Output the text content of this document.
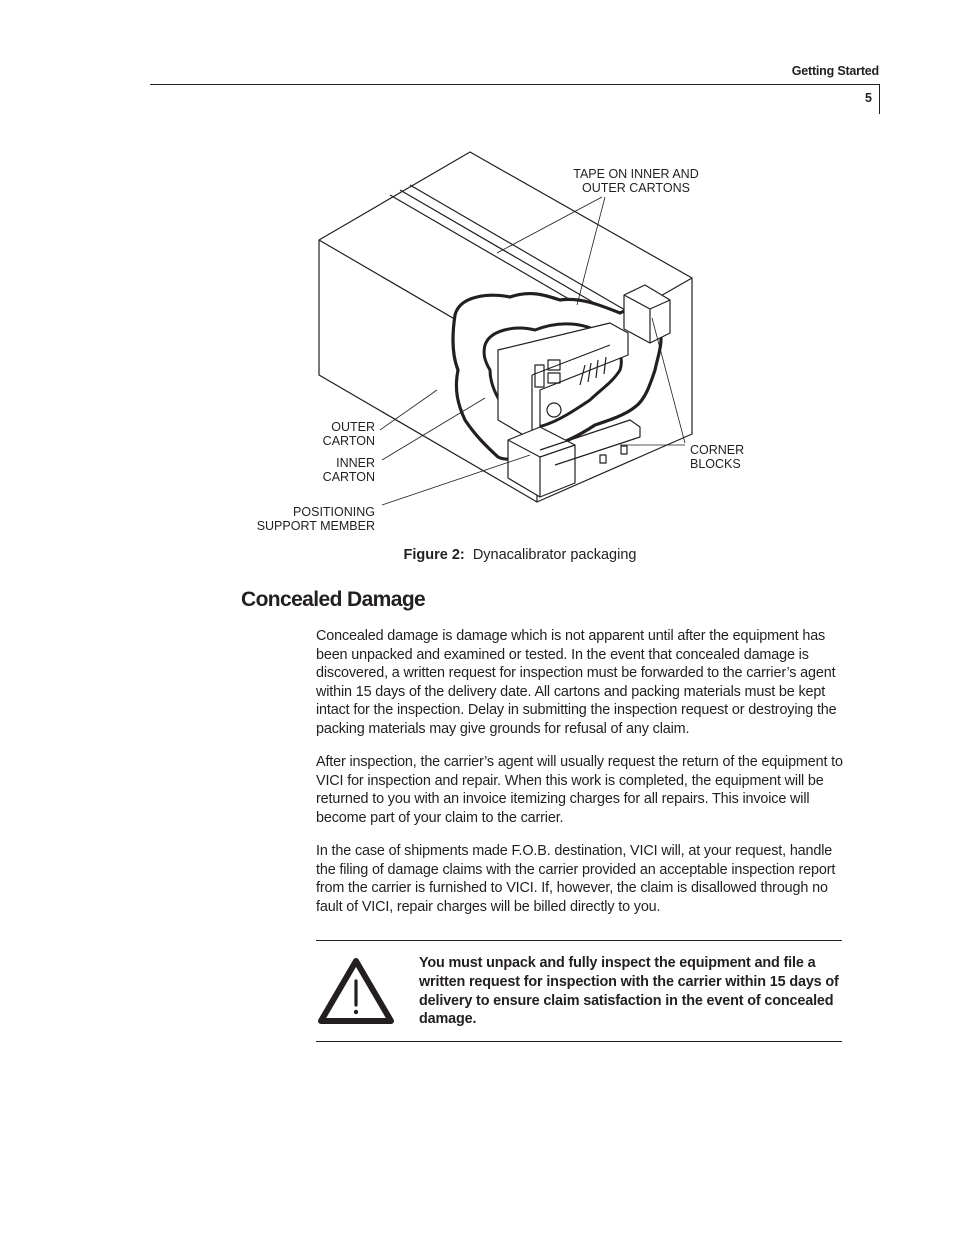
Getting Started
5
TAPE ON INNER AND
OUTER CARTONS
OUTER
CARTON
INNER
CARTON
POSITIONING
SUPPORT MEMBER
CORNER
BLOCKS
Figure 2: Dynacalibrator packaging
Concealed Damage

Concealed damage is damage which is not apparent until after the equipment has been unpacked and examined or tested. In the event that concealed damage is discovered, a written request for inspection must be forwarded to the carrier’s agent within 15 days of the delivery date. All cartons and packing materials must be kept intact for the inspection. Delay in submitting the inspection request or destroying the packing materials may give grounds for refusal of any claim.

After inspection, the carrier’s agent will usually request the return of the equipment to VICI for inspection and repair. When this work is completed, the equipment will be returned to you with an invoice itemizing charges for all repairs. This invoice will become part of your claim to the carrier.

In the case of shipments made F.O.B. destination, VICI will, at your request, handle the filing of damage claims with the carrier provided an acceptable inspection report from the carrier is furnished to VICI. If, however, the claim is disallowed through no fault of VICI, repair charges will be billed directly to you.

You must unpack and fully inspect the equipment and file a written request for inspection with the carrier within 15 days of delivery to ensure claim satisfaction in the event of concealed damage.
